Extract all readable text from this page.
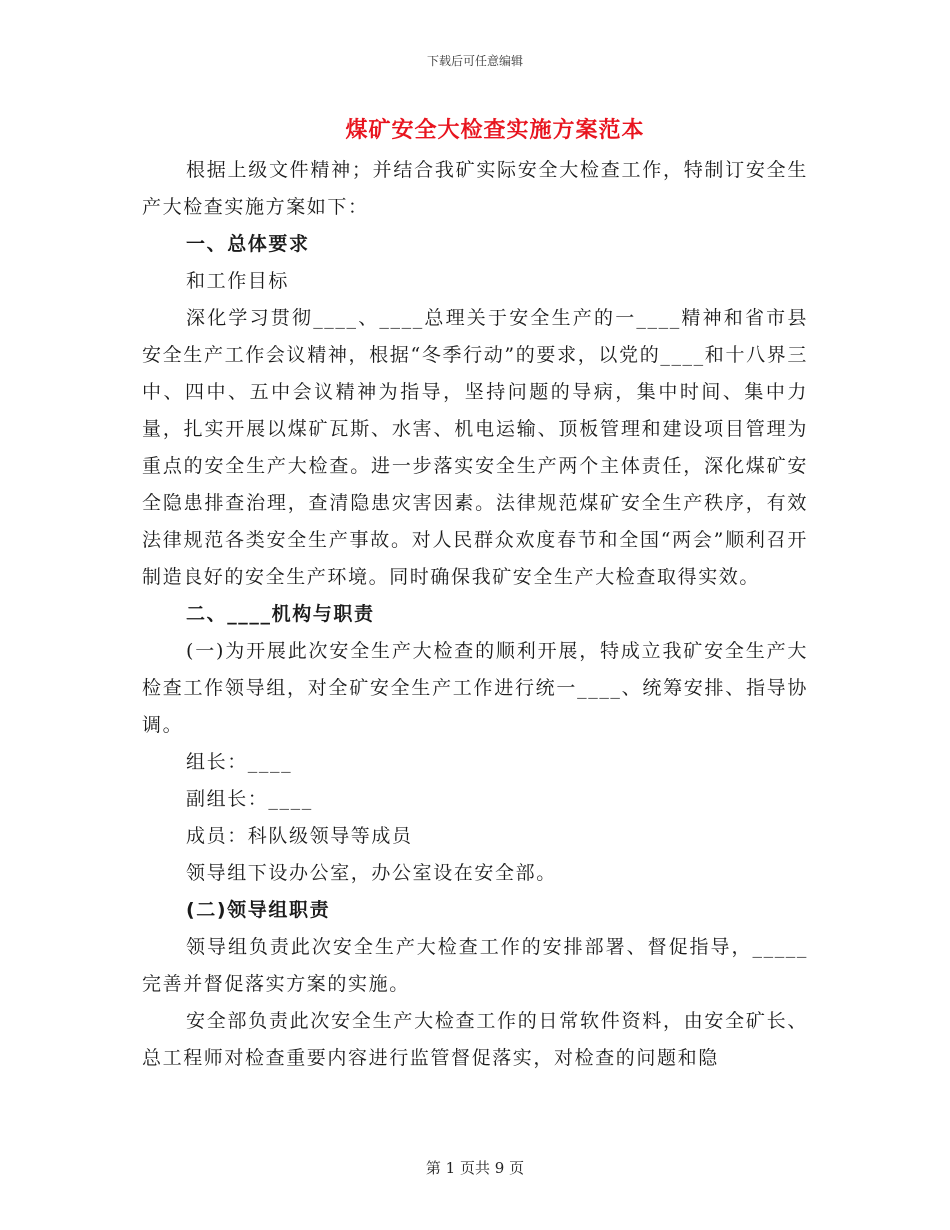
下载后可任意编辑
煤矿安全大检查实施方案范本

根据上级文件精神；并结合我矿实际安全大检查工作，特制订安全生产大检查实施方案如下：

一、总体要求

和工作目标

深化学习贯彻____、____总理关于安全生产的一____精神和省市县安全生产工作会议精神，根据“冬季行动”的要求，以党的____和十八界三中、四中、五中会议精神为指导，坚持问题的导病，集中时间、集中力量，扎实开展以煤矿瓦斯、水害、机电运输、顶板管理和建设项目管理为重点的安全生产大检查。进一步落实安全生产两个主体责任，深化煤矿安全隐患排查治理，查清隐患灾害因素。法律规范煤矿安全生产秩序，有效法律规范各类安全生产事故。对人民群众欢度春节和全国“两会”顺利召开制造良好的安全生产环境。同时确保我矿安全生产大检查取得实效。

二、____机构与职责

(一)为开展此次安全生产大检查的顺利开展，特成立我矿安全生产大检查工作领导组，对全矿安全生产工作进行统一____、统筹安排、指导协调。

组长：____

副组长：____

成员：科队级领导等成员

领导组下设办公室，办公室设在安全部。

(二)领导组职责

领导组负责此次安全生产大检查工作的安排部署、督促指导，_____完善并督促落实方案的实施。

安全部负责此次安全生产大检查工作的日常软件资料，由安全矿长、总工程师对检查重要内容进行监管督促落实，对检查的问题和隐

第 1 页共 9 页
